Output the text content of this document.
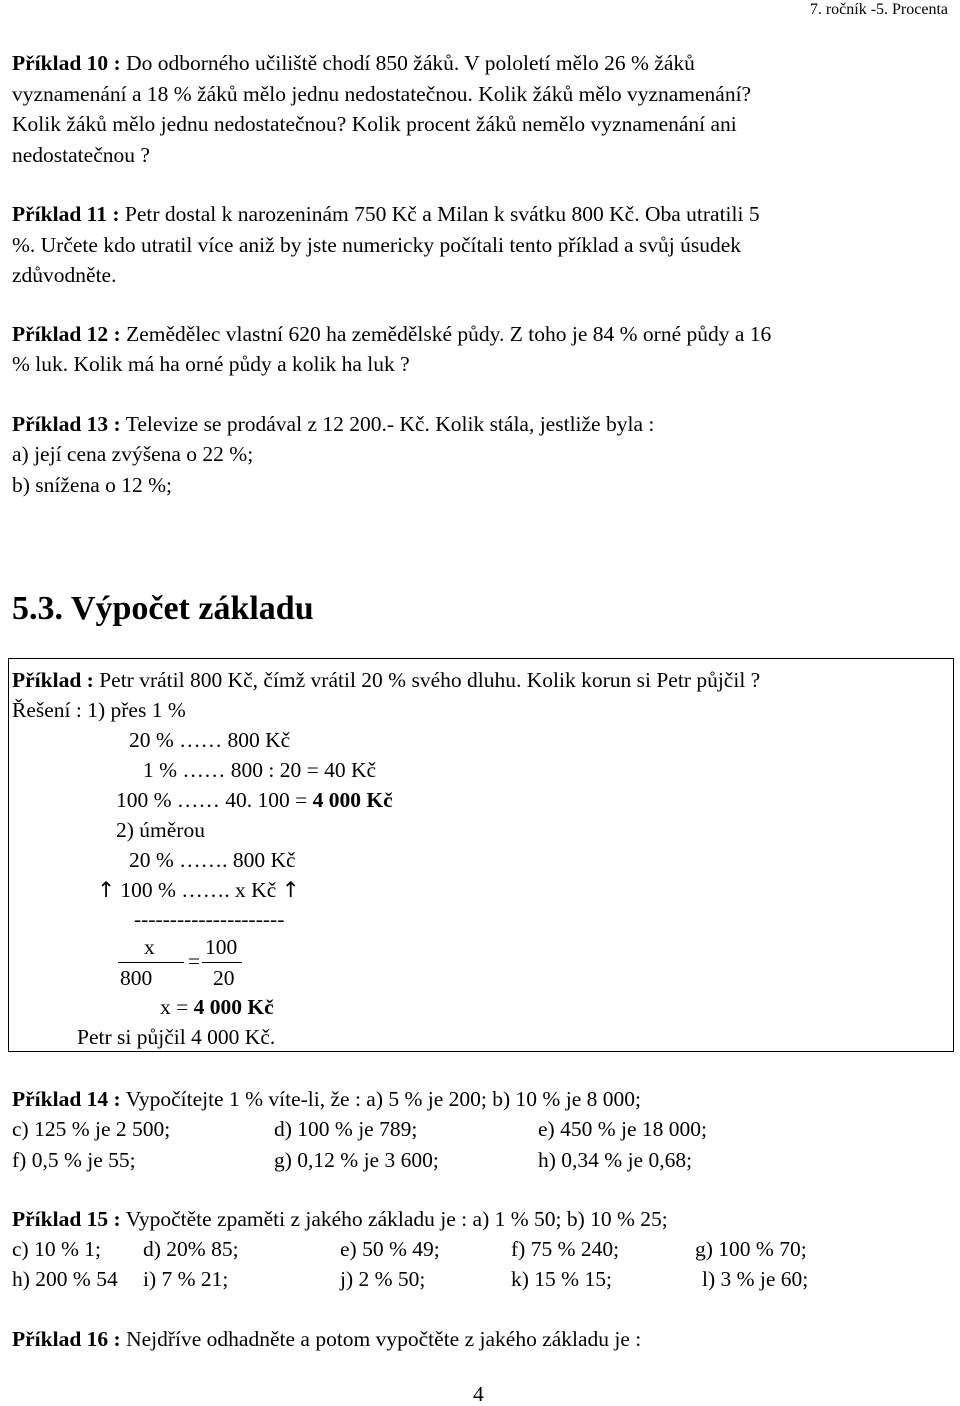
7. ročník -5. Procenta
Příklad 10 : Do odborného učiliště chodí 850 žáků. V pololetí mělo 26 % žáků
vyznamenání a 18 % žáků mělo jednu nedostatečnou. Kolik žáků mělo vyznamenání?
Kolik žáků mělo jednu nedostatečnou? Kolik procent žáků nemělo vyznamenání ani
nedostatečnou ?
Příklad 11 : Petr dostal k narozeninám 750 Kč a Milan k svátku 800 Kč. Oba utratili 5
%. Určete kdo utratil více aniž by jste numericky počítali tento příklad a svůj úsudek
zdůvodněte.
Příklad 12 : Zemědělec vlastní 620 ha zemědělské půdy. Z toho je 84 % orné půdy a 16
% luk. Kolik má ha orné půdy a kolik ha luk ?
Příklad 13 : Televize se prodával z 12 200.- Kč. Kolik stála, jestliže byla :
a) její cena zvýšena o 22 %;
b) snížena o 12 %;
5.3. Výpočet základu
Příklad : Petr vrátil 800 Kč, čímž vrátil 20 % svého dluhu. Kolik korun si Petr půjčil ?
Řešení : 1) přes 1 %
20 % …… 800 Kč
1 % …… 800 : 20 = 40 Kč
100 % …… 40. 100 = 4 000 Kč
2) úměrou
20 % ……. 800 Kč
↑ 100 % ……. x Kč ↑
---------------------
x
800
=
100
20
x = 4 000 Kč
Petr si půjčil 4 000 Kč.
Příklad 14 : Vypočítejte 1 % víte-li, že : a) 5 % je 200; b) 10 % je 8 000;
c) 125 % je 2 500;	d) 100 % je 789;	e) 450 % je 18 000;
f) 0,5 % je 55;	g) 0,12 % je 3 600;	h) 0,34 % je 0,68;
Příklad 15 : Vypočtěte zpaměti z jakého základu je : a) 1 % 50; b) 10 % 25;
c) 10 % 1; d) 20% 85;	e) 50 % 49;	f) 75 % 240;	g) 100 % 70;
h) 200 % 54 i) 7 % 21;	j) 2 % 50;	k) 15 % 15;	l) 3 % je 60;
Příklad 16 : Nejdříve odhadněte a potom vypočtěte z jakého základu je :
4
